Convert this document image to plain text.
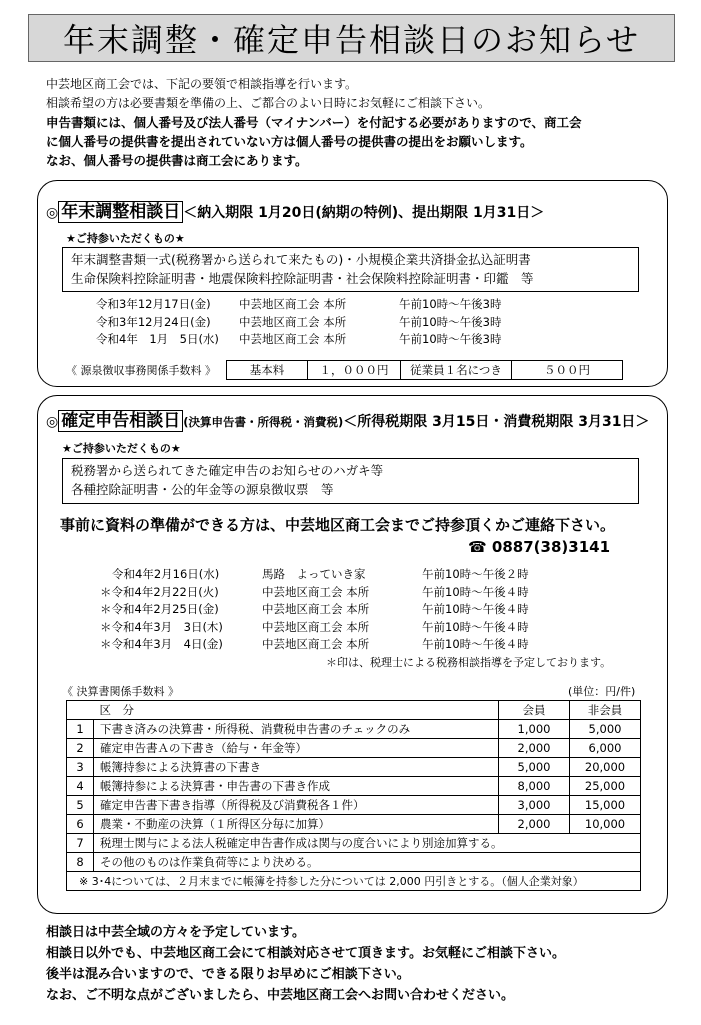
年末調整・確定申告相談日のお知らせ
中芸地区商工会では、下記の要領で相談指導を行います。
相談希望の方は必要書類を準備の上、ご都合のよい日時にお気軽にご相談下さい。
申告書類には、個人番号及び法人番号（マイナンバー）を付記する必要がありますので、商工会
に個人番号の提供書を提出されていない方は個人番号の提供書の提出をお願いします。
なお、個人番号の提供書は商工会にあります。
◎ 年末調整相談日 ＜納入期限 1月20日(納期の特例)、提出期限 1月31日＞
★ご持参いただくもの★
年末調整書類一式(税務署から送られて来たもの)・小規模企業共済掛金払込証明書
生命保険料控除証明書・地震保険料控除証明書・社会保険料控除証明書・印鑑　等
令和3年12月17日(金)	中芸地区商工会 本所	午前10時～午後3時
令和3年12月24日(金)	中芸地区商工会 本所	午前10時～午後3時
令和4年　1月　5日(水)	中芸地区商工会 本所	午前10時～午後3時
《 源泉徴収事務関係手数料 》	基本料	１，０００円	従業員１名につき	５００円
◎ 確定申告相談日 (決算申告書・所得税・消費税)＜所得税期限 3月15日・消費税期限 3月31日＞
★ご持参いただくもの★
税務署から送られてきた確定申告のお知らせのハガキ等
各種控除証明書・公的年金等の源泉徴収票　等
事前に資料の準備ができる方は、中芸地区商工会までご持参頂くかご連絡下さい。
☎ 0887(38)3141
令和4年2月16日(水)	馬路　よっていき家	午前10時～午後２時
＊令和4年2月22日(火)	中芸地区商工会 本所	午前10時～午後４時
＊令和4年2月25日(金)	中芸地区商工会 本所	午前10時～午後４時
＊令和4年3月　3日(木)	中芸地区商工会 本所	午前10時～午後４時
＊令和4年3月　4日(金)	中芸地区商工会 本所	午前10時～午後４時
＊印は、税理士による税務相談指導を予定しております。
《 決算書関係手数料 》	(単位：円/件)
	区　分	会員	非会員
1	下書き済みの決算書・所得税、消費税申告書のチェックのみ	1,000	5,000
2	確定申告書Ａの下書き（給与・年金等）	2,000	6,000
3	帳簿持参による決算書の下書き	5,000	20,000
4	帳簿持参による決算書・申告書の下書き作成	8,000	25,000
5	確定申告書下書き指導（所得税及び消費税各１件）	3,000	15,000
6	農業・不動産の決算（１所得区分毎に加算）	2,000	10,000
7	税理士関与による法人税確定申告書作成は関与の度合いにより別途加算する。		
8	その他のものは作業負荷等により決める。		
※ 3･4については、２月末までに帳簿を持参した分については 2,000 円引きとする。（個人企業対象）			
相談日は中芸全域の方々を予定しています。
相談日以外でも、中芸地区商工会にて相談対応させて頂きます。お気軽にご相談下さい。
後半は混み合いますので、できる限りお早めにご相談下さい。
なお、ご不明な点がございましたら、中芸地区商工会へお問い合わせください。
